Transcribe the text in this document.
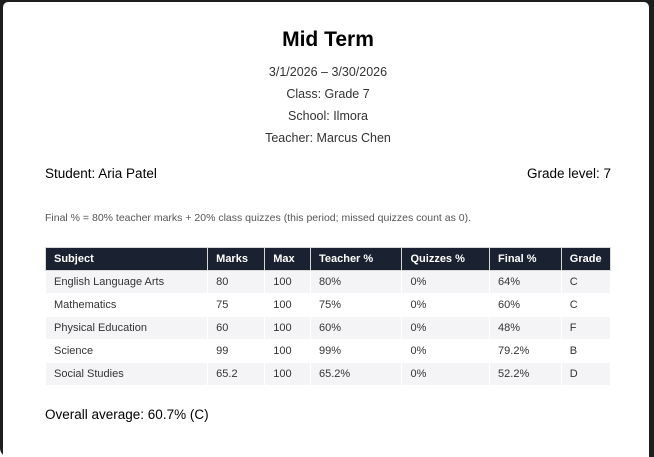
Mid Term
3/1/2026 – 3/30/2026
Class: Grade 7
School: Ilmora
Teacher: Marcus Chen
Student: Aria Patel	Grade level: 7
Final % = 80% teacher marks + 20% class quizzes (this period; missed quizzes count as 0).
Subject	Marks	Max	Teacher %	Quizzes %	Final %	Grade
English Language Arts	80	100	80%	0%	64%	C
Mathematics	75	100	75%	0%	60%	C
Physical Education	60	100	60%	0%	48%	F
Science	99	100	99%	0%	79.2%	B
Social Studies	65.2	100	65.2%	0%	52.2%	D
Overall average: 60.7% (C)
